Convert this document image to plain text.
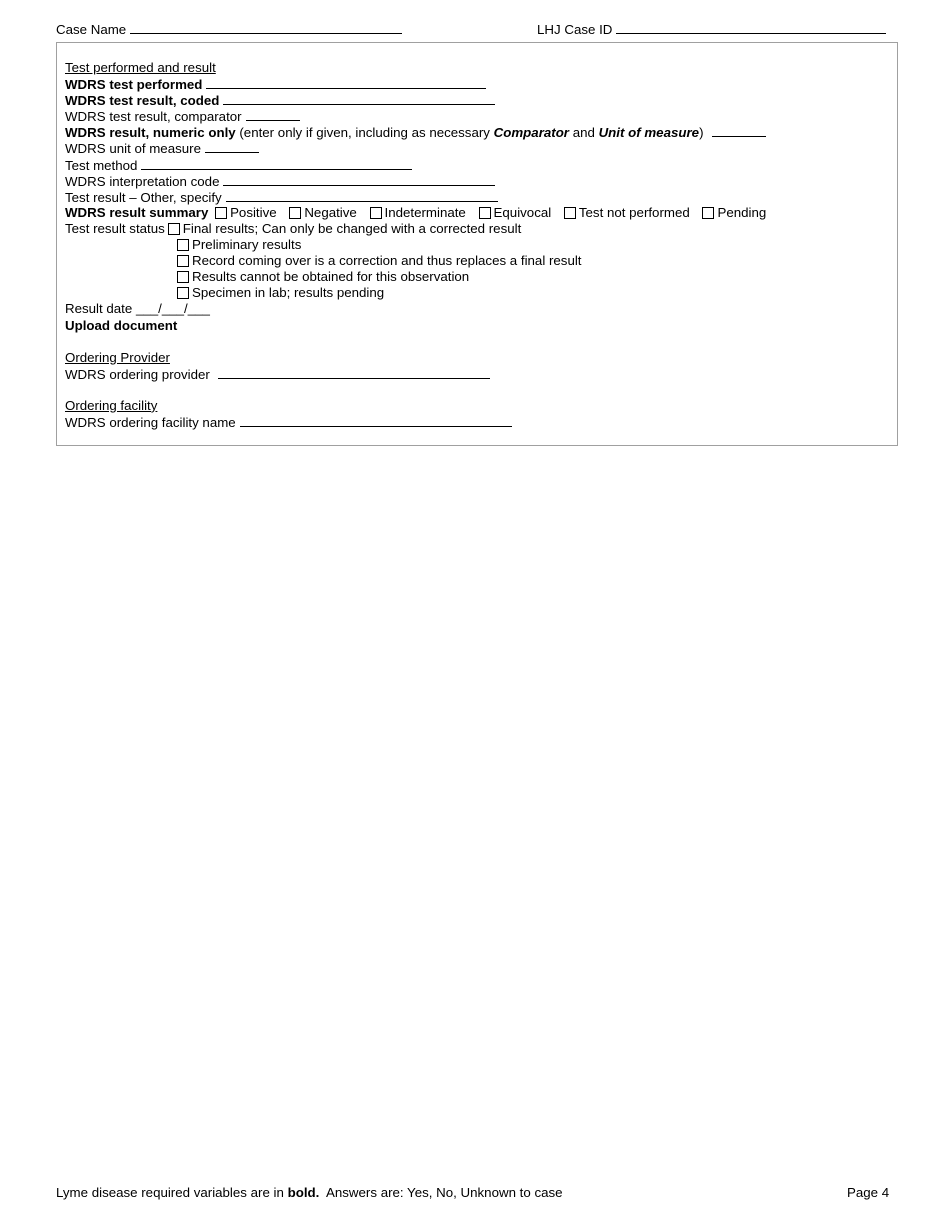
Case Name	LHJ Case ID
Test performed and result
WDRS test performed
WDRS test result, coded
WDRS test result, comparator
WDRS result, numeric only (enter only if given, including as necessary Comparator and Unit of measure)
WDRS unit of measure
Test method
WDRS interpretation code
Test result – Other, specify
WDRS result summary Positive Negative Indeterminate Equivocal Test not performed Pending
Test result status Final results; Can only be changed with a corrected result
Preliminary results
Record coming over is a correction and thus replaces a final result
Results cannot be obtained for this observation
Specimen in lab; results pending
Result date ___/___/___
Upload document
Ordering Provider
WDRS ordering provider
Ordering facility
WDRS ordering facility name
Lyme disease required variables are in bold.  Answers are: Yes, No, Unknown to case	Page 4
